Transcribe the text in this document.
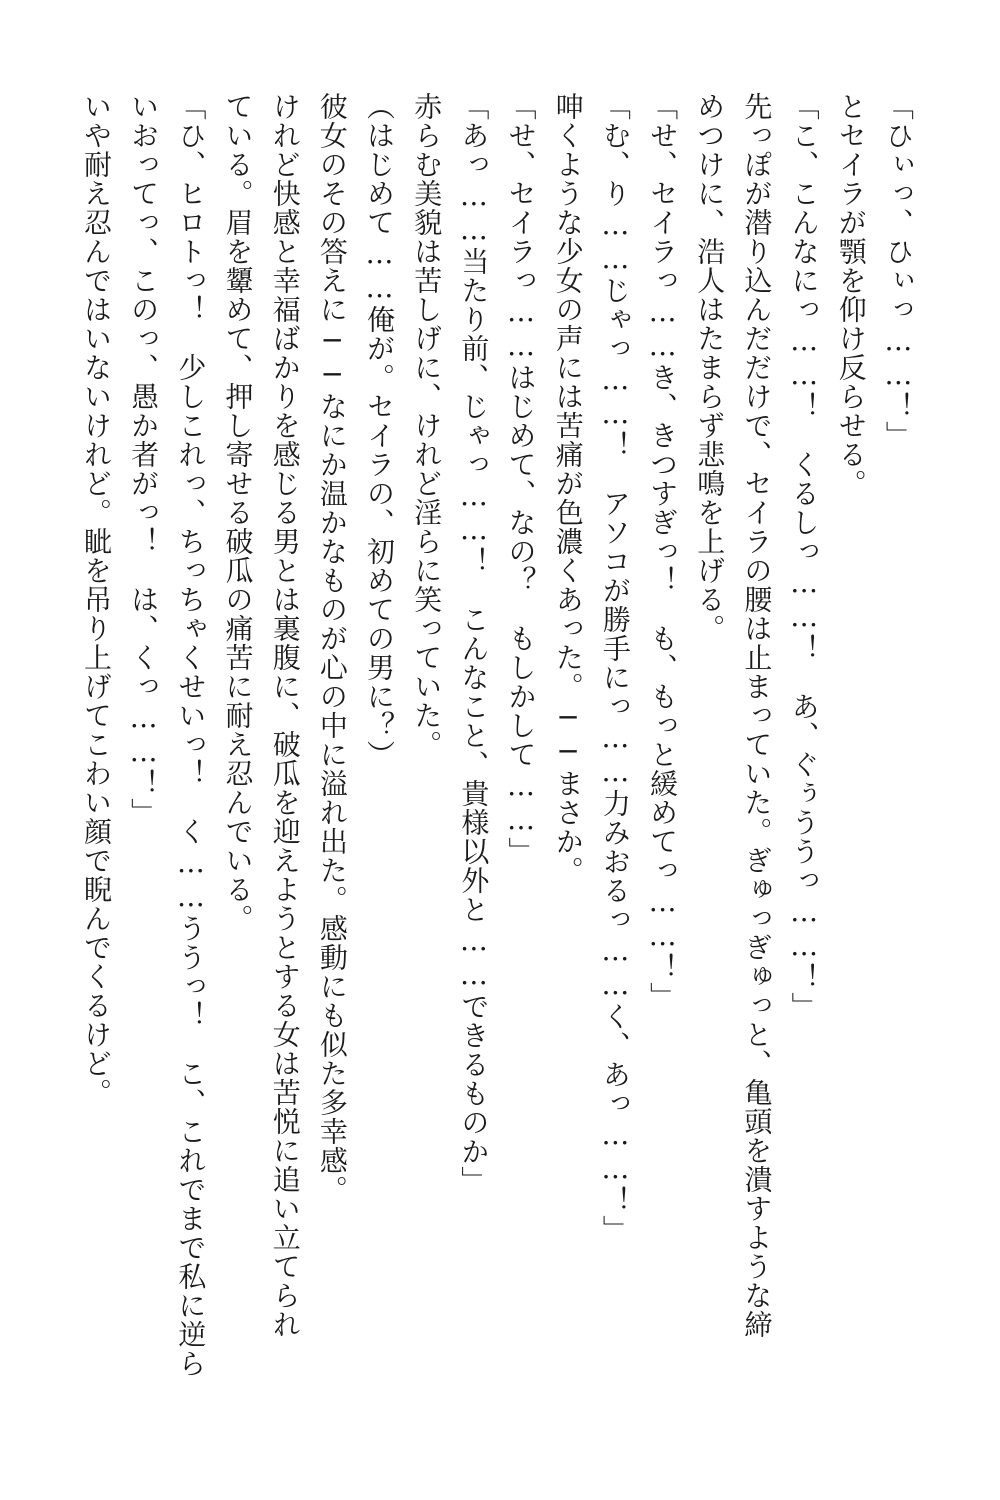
「ひぃっ、ひぃっ……！」

とセイラが顎を仰け反らせる。

「こ、こんなにっ……！　くるしっ……！　あ、ぐぅううっ……！」

先っぽが潜り込んだだけで、セイラの腰は止まっていた。ぎゅっぎゅっと、亀頭を潰すような締

めつけに、浩人はたまらず悲鳴を上げる。

「せ、セイラっ……き、きつすぎっ！　も、もっと緩めてっ……！」

「む、り……じゃっ……！　アソコが勝手にっ……力みおるっ……く、あっ……！」

呻くような少女の声には苦痛が色濃くあった。──まさか。

「せ、セイラっ……はじめて、なの？　もしかして……」

「あっ……当たり前、じゃっ……！　こんなこと、貴様以外と……できるものか」

赤らむ美貌は苦しげに、けれど淫らに笑っていた。

（はじめて……俺が。セイラの、初めての男に？）

彼女のその答えに──なにか温かなものが心の中に溢れ出た。感動にも似た多幸感。

けれど快感と幸福ばかりを感じる男とは裏腹に、破瓜を迎えようとする女は苦悦に追い立てられ

ている。眉を顰めて、押し寄せる破瓜の痛苦に耐え忍んでいる。

「ひ、ヒロトっ！　少しこれっ、ちっちゃくせいっ！　く……ううっ！　こ、これでまで私に逆ら

いおってっ、このっ、愚か者がっ！　は、くっ……！」

いや耐え忍んではいないけれど。眦を吊り上げてこわい顔で睨んでくるけど。
